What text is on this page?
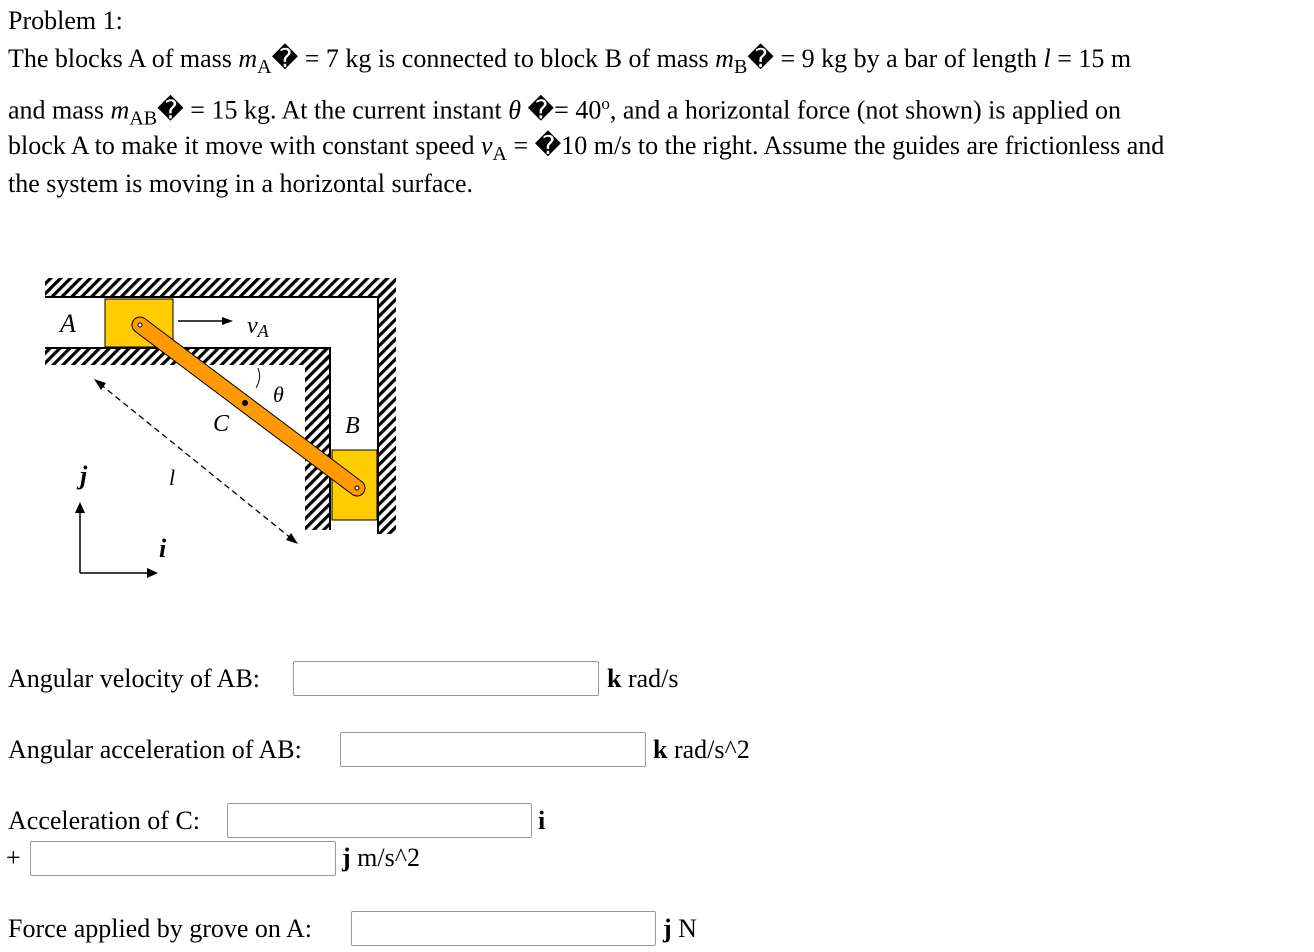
Problem 1:
The blocks A of mass $m_A� = 7$ kg is connected to block B of mass $m_B� = 9$ kg by a bar of length l = 15 m
and mass $m_{AB}� = 15$ kg. At the current instant θ �= $40^o$, and a horizontal force (not shown) is applied on
block A to make it move with constant speed $v_A$ = �10 m/s to the right. Assume the guides are frictionless and
the system is moving in a horizontal surface.
A	vA
θ
C	B
l
j
i
Angular velocity of AB:	k rad/s
Angular acceleration of AB:	k rad/s^2
Acceleration of C:	i
+	j m/s^2
Force applied by grove on A:	j N
